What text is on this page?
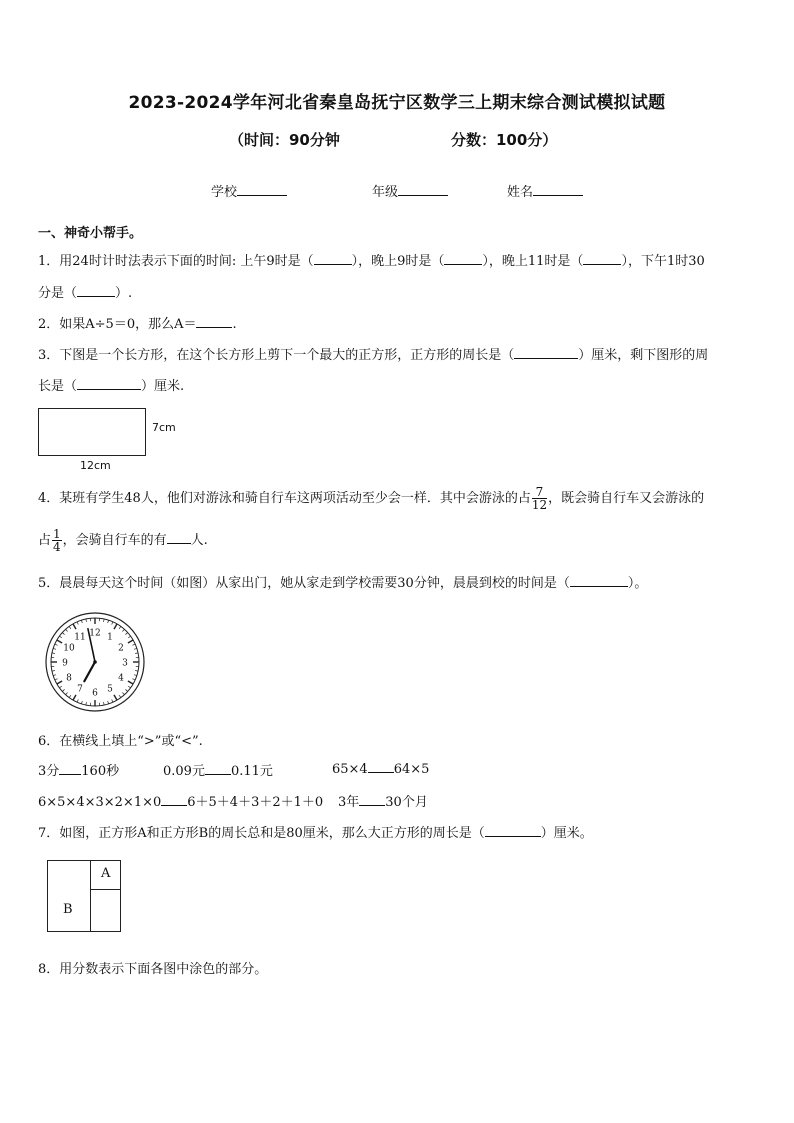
2023-2024学年河北省秦皇岛抚宁区数学三上期末综合测试模拟试题
（时间：90分钟	分数：100分）
学校	年级	姓名
一、神奇小帮手。
1．用24时计时法表示下面的时间: 上午9时是（	），晚上9时是（	），晚上11时是（	），下午1时30
分是（	）.
2．如果A÷5＝0，那么A＝	.
3．下图是一个长方形，在这个长方形上剪下一个最大的正方形，正方形的周长是（	）厘米，剩下图形的周
长是（	）厘米.
7cm
12cm
4．某班有学生48人，他们对游泳和骑自行车这两项活动至少会一样．其中会游泳的占 $\frac{7}{12}$ ，既会骑自行车又会游泳的
占 $\frac{1}{4}$ ，会骑自行车的有 人.
5．晨晨每天这个时间（如图）从家出门，她从家走到学校需要30分钟，晨晨到校的时间是（	）。
12 1
2
3
4
5
6
7
8
9
10
11
6．在横线上填上“>”或“<”.
3分 160秒	0.09元 0.11元	65×4 64×5
6×5×4×3×2×1×0 6＋5＋4＋3＋2＋1＋0 3年 30个月
7．如图，正方形A和正方形B的周长总和是80厘米，那么大正方形的周长是（	）厘米。
A
B
8．用分数表示下面各图中涂色的部分。
